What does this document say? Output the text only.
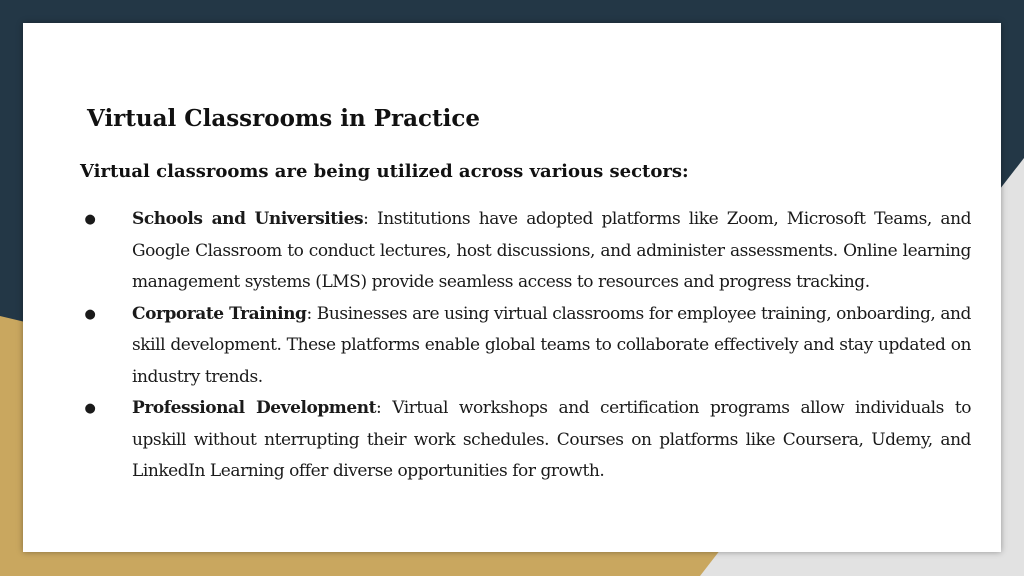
Virtual Classrooms in Practice

Virtual classrooms are being utilized across various sectors:

● Schools and Universities: Institutions have adopted platforms like Zoom, Microsoft Teams, and Google Classroom to conduct lectures, host discussions, and administer assessments. Online learning management systems (LMS) provide seamless access to resources and progress tracking.
● Corporate Training: Businesses are using virtual classrooms for employee training, onboarding, and skill development. These platforms enable global teams to collaborate effectively and stay updated on industry trends.
● Professional Development: Virtual workshops and certification programs allow individuals to upskill without nterrupting their work schedules. Courses on platforms like Coursera, Udemy, and LinkedIn Learning offer diverse opportunities for growth.
